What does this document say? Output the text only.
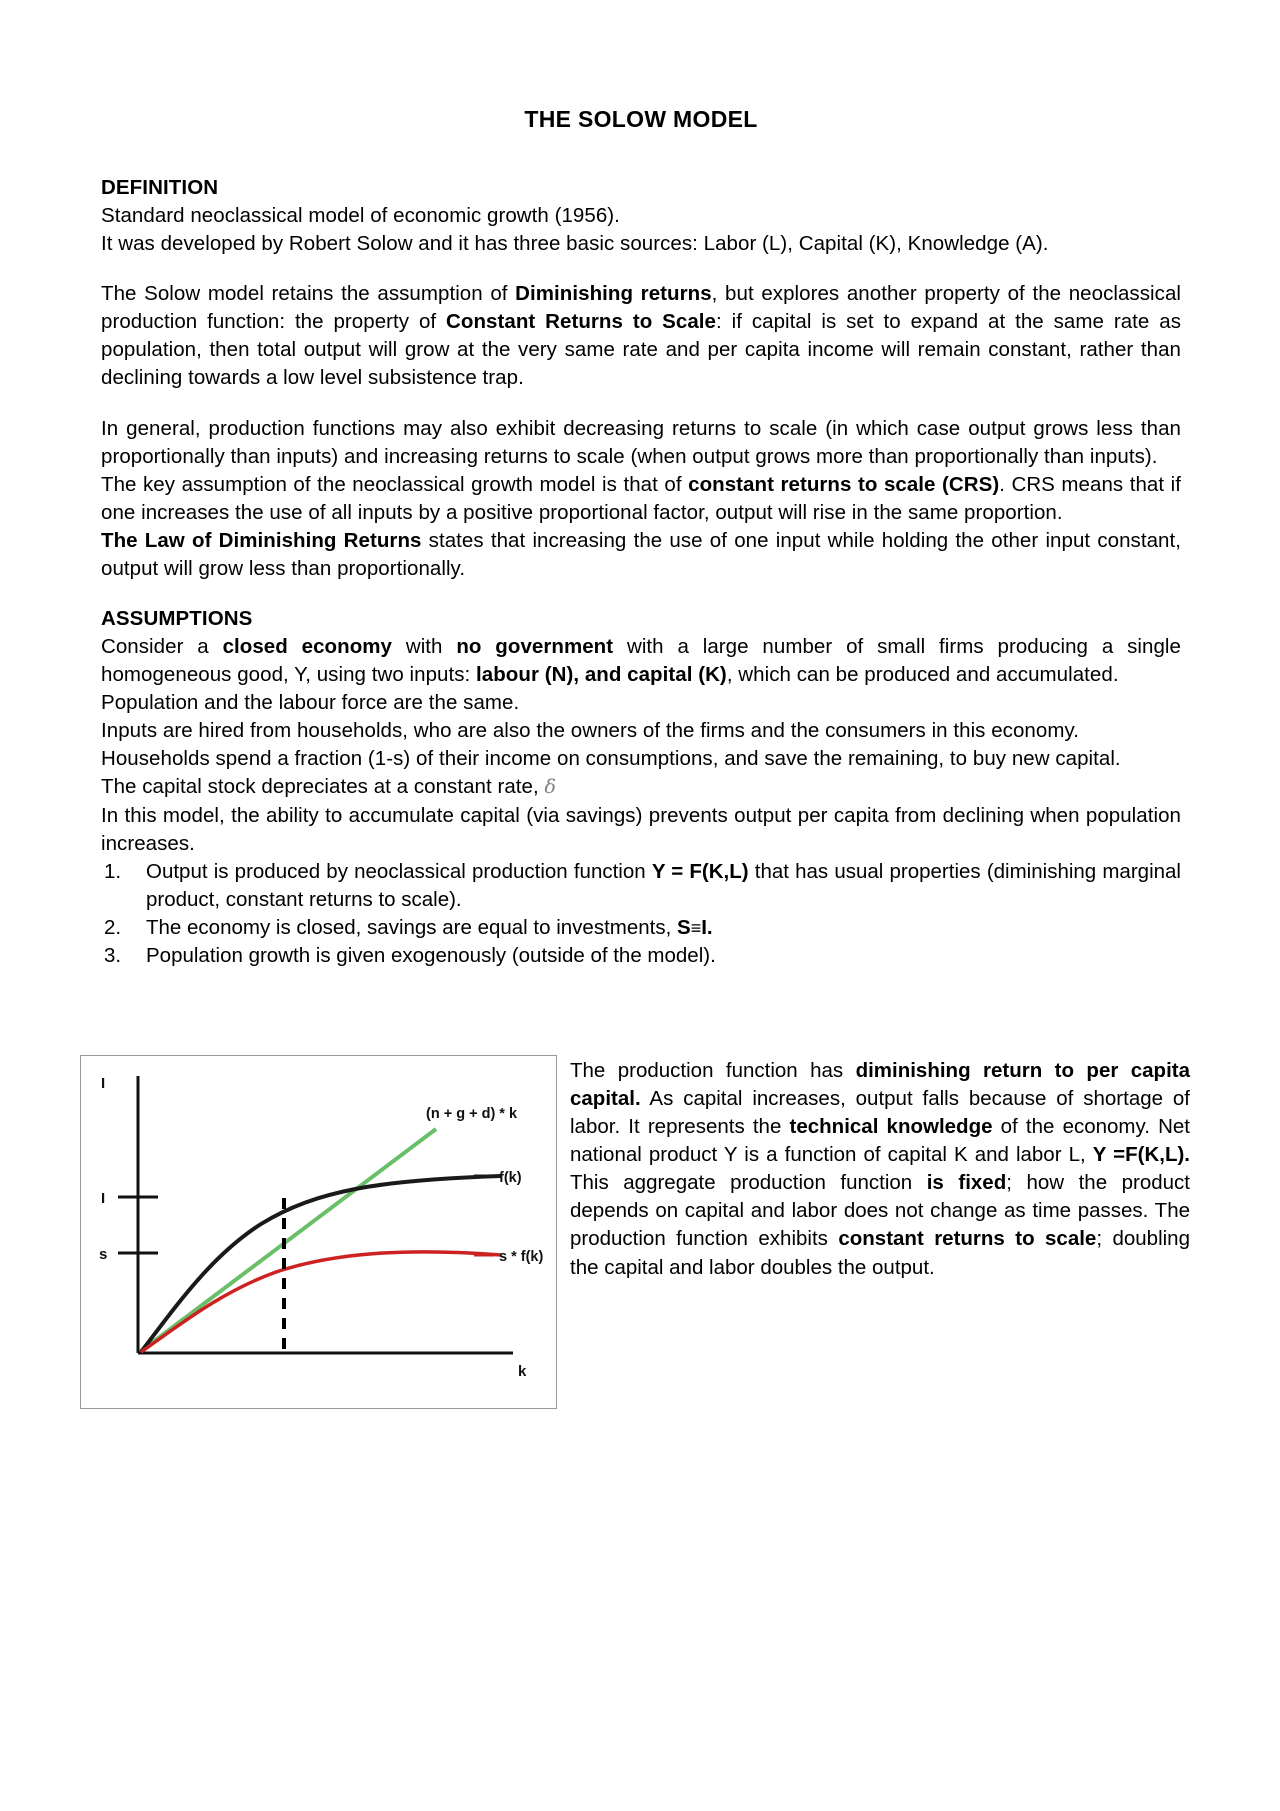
THE SOLOW MODEL
DEFINITION

Standard neoclassical model of economic growth (1956).

It was developed by Robert Solow and it has three basic sources: Labor (L), Capital (K), Knowledge (A).

The Solow model retains the assumption of Diminishing returns, but explores another property of the neoclassical production function: the property of Constant Returns to Scale: if capital is set to expand at the same rate as population, then total output will grow at the very same rate and per capita income will remain constant, rather than declining towards a low level subsistence trap.

In general, production functions may also exhibit decreasing returns to scale (in which case output grows less than proportionally than inputs) and increasing returns to scale (when output grows more than proportionally than inputs).

The key assumption of the neoclassical growth model is that of constant returns to scale (CRS). CRS means that if one increases the use of all inputs by a positive proportional factor, output will rise in the same proportion.

The Law of Diminishing Returns states that increasing the use of one input while holding the other input constant, output will grow less than proportionally.

ASSUMPTIONS

Consider a closed economy with no government with a large number of small firms producing a single homogeneous good, Y, using two inputs: labour (N), and capital (K), which can be produced and accumulated.

Population and the labour force are the same.

Inputs are hired from households, who are also the owners of the firms and the consumers in this economy.

Households spend a fraction (1-s) of their income on consumptions, and save the remaining, to buy new capital.

The capital stock depreciates at a constant rate, δ

In this model, the ability to accumulate capital (via savings) prevents output per capita from declining when population increases.

1.	Output is produced by neoclassical production function Y = F(K,L) that has usual properties (diminishing marginal product, constant returns to scale).
2.	The economy is closed, savings are equal to investments, S≡I.
3.	Population growth is given exogenously (outside of the model).
I
I
s
(n + g + d) * k
f(k)
s * f(k)
k

The production function has diminishing return to per capita capital. As capital increases, output falls because of shortage of labor. It represents the technical knowledge of the economy. Net national product Y is a function of capital K and labor L, Y =F(K,L). This aggregate production function is fixed; how the product depends on capital and labor does not change as time passes. The production function exhibits constant returns to scale; doubling the capital and labor doubles the output.
